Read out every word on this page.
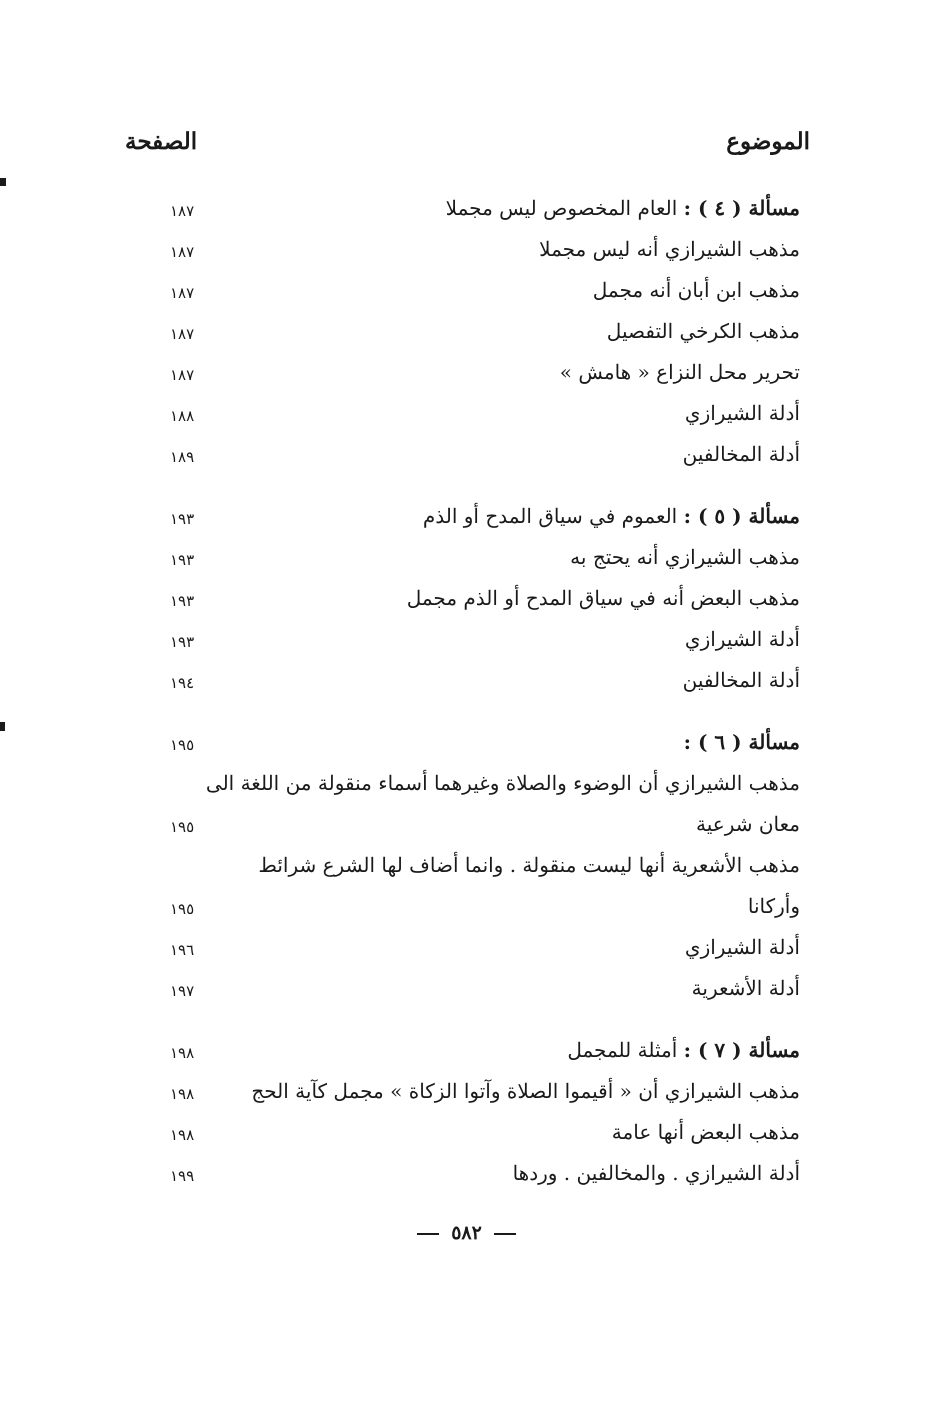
الموضوع
الصفحة
مسألة ( ٤ ) : العام المخصوص ليس مجملا
١٨٧
مذهب الشيرازي أنه ليس مجملا
١٨٧
مذهب ابن أبان أنه مجمل
١٨٧
مذهب الكرخي التفصيل
١٨٧
تحرير محل النزاع « هامش »
١٨٧
أدلة الشيرازي
١٨٨
أدلة المخالفين
١٨٩
مسألة ( ٥ ) : العموم في سياق المدح أو الذم
١٩٣
مذهب الشيرازي أنه يحتج به
١٩٣
مذهب البعض أنه في سياق المدح أو الذم مجمل
١٩٣
أدلة الشيرازي
١٩٣
أدلة المخالفين
١٩٤
مسألة ( ٦ ) :
١٩٥
مذهب الشيرازي أن الوضوء والصلاة وغيرهما أسماء منقولة من اللغة الى
معان شرعية
١٩٥
مذهب الأشعرية أنها ليست منقولة . وانما أضاف لها الشرع شرائط
وأركانا
١٩٥
أدلة الشيرازي
١٩٦
أدلة الأشعرية
١٩٧
مسألة ( ٧ ) : أمثلة للمجمل
١٩٨
مذهب الشيرازي أن « أقيموا الصلاة وآتوا الزكاة » مجمل كآية الحج
١٩٨
مذهب البعض أنها عامة
١٩٨
أدلة الشيرازي . والمخالفين . وردها
١٩٩
٥٨٢
